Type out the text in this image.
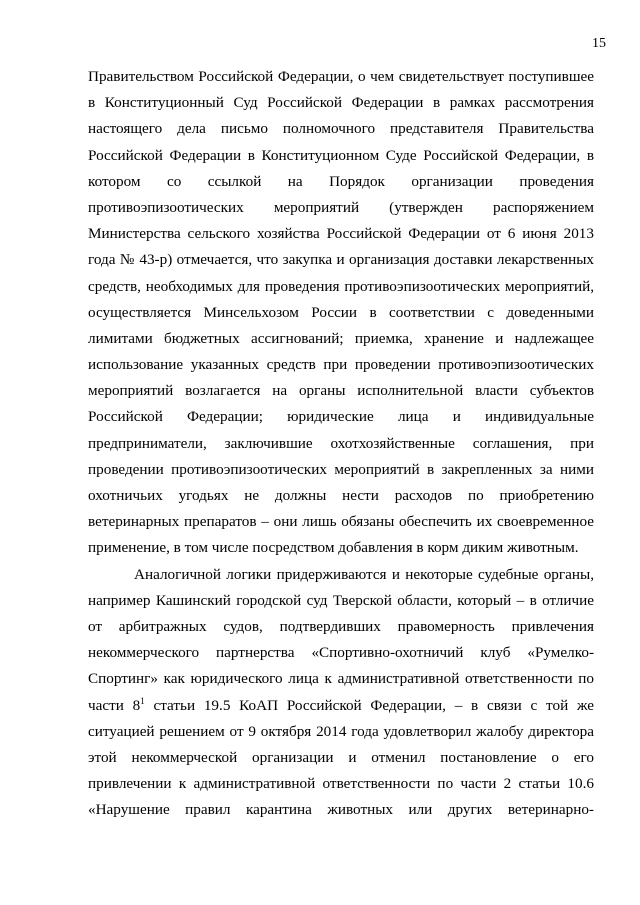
15
Правительством Российской Федерации, о чем свидетельствует поступившее
в Конституционный Суд Российской Федерации в рамках рассмотрения
настоящего дела письмо полномочного представителя Правительства
Российской Федерации в Конституционном Суде Российской Федерации, в
котором со ссылкой на Порядок организации проведения
противоэпизоотических мероприятий (утвержден распоряжением
Министерства сельского хозяйства Российской Федерации от 6 июня 2013
года № 43-р) отмечается, что закупка и организация доставки лекарственных
средств, необходимых для проведения противоэпизоотических мероприятий,
осуществляется Минсельхозом России в соответствии с доведенными
лимитами бюджетных ассигнований; приемка, хранение и надлежащее
использование указанных средств при проведении противоэпизоотических
мероприятий возлагается на органы исполнительной власти субъектов
Российской Федерации; юридические лица и индивидуальные
предприниматели, заключившие охотхозяйственные соглашения, при
проведении противоэпизоотических мероприятий в закрепленных за ними
охотничьих угодьях не должны нести расходов по приобретению
ветеринарных препаратов – они лишь обязаны обеспечить их своевременное
применение, в том числе посредством добавления в корм диким животным.
Аналогичной логики придерживаются и некоторые судебные органы,
например Кашинский городской суд Тверской области, который – в отличие
от арбитражных судов, подтвердивших правомерность привлечения
некоммерческого партнерства «Спортивно-охотничий клуб «Румелко-
Спортинг» как юридического лица к административной ответственности по
части $8^1$ статьи 19.5 КоАП Российской Федерации, – в связи с той же
ситуацией решением от 9 октября 2014 года удовлетворил жалобу директора
этой некоммерческой организации и отменил постановление о его
привлечении к административной ответственности по части 2 статьи 10.6
«Нарушение правил карантина животных или других ветеринарно-
